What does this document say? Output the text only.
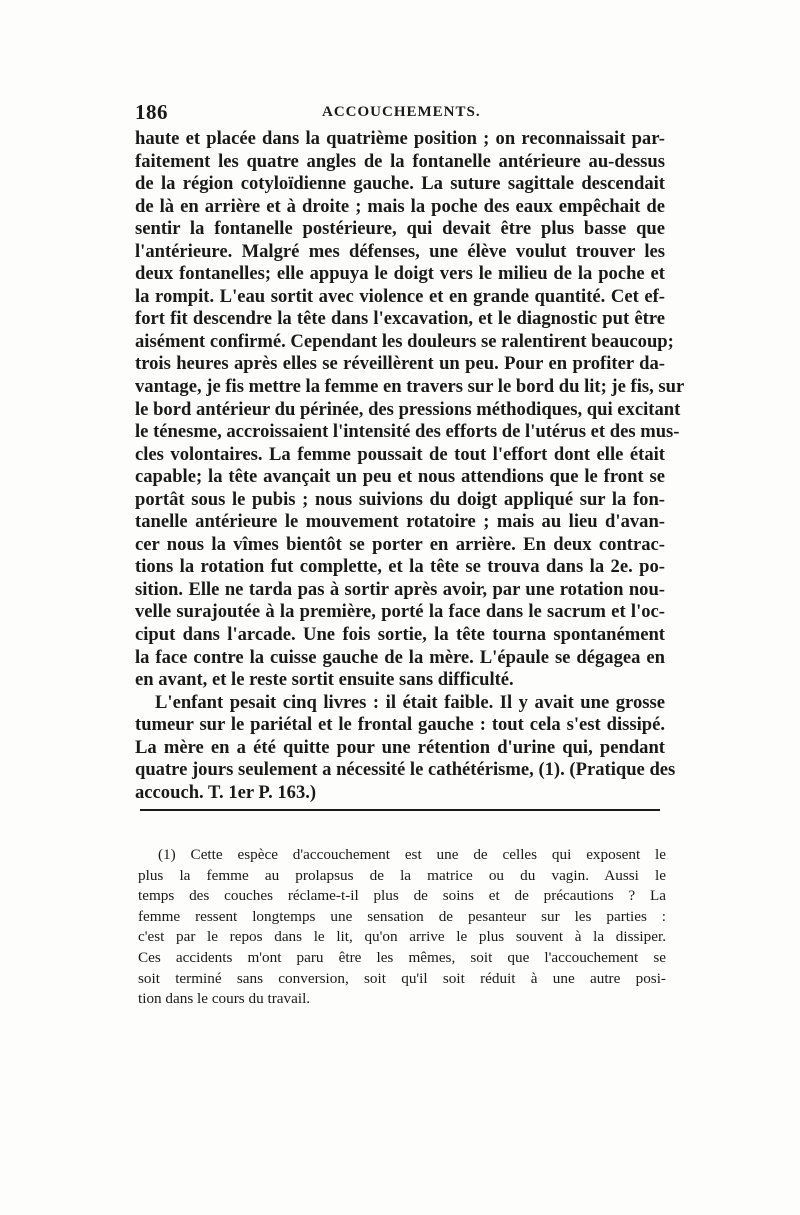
186	ACCOUCHEMENTS.
haute et placée dans la quatrième position ; on reconnaissait par-
faitement les quatre angles de la fontanelle antérieure au-dessus
de la région cotyloïdienne gauche. La suture sagittale descendait
de là en arrière et à droite ; mais la poche des eaux empêchait de
sentir la fontanelle postérieure, qui devait être plus basse que
l'antérieure. Malgré mes défenses, une élève voulut trouver les
deux fontanelles; elle appuya le doigt vers le milieu de la poche et
la rompit. L'eau sortit avec violence et en grande quantité. Cet ef-
fort fit descendre la tête dans l'excavation, et le diagnostic put être
aisément confirmé. Cependant les douleurs se ralentirent beaucoup;
trois heures après elles se réveillèrent un peu. Pour en profiter da-
vantage, je fis mettre la femme en travers sur le bord du lit; je fis, sur
le bord antérieur du périnée, des pressions méthodiques, qui excitant
le ténesme, accroissaient l'intensité des efforts de l'utérus et des mus-
cles volontaires. La femme poussait de tout l'effort dont elle était
capable; la tête avançait un peu et nous attendions que le front se
portât sous le pubis ; nous suivions du doigt appliqué sur la fon-
tanelle antérieure le mouvement rotatoire ; mais au lieu d'avan-
cer nous la vîmes bientôt se porter en arrière. En deux contrac-
tions la rotation fut complette, et la tête se trouva dans la 2e. po-
sition. Elle ne tarda pas à sortir après avoir, par une rotation nou-
velle surajoutée à la première, porté la face dans le sacrum et l'oc-
ciput dans l'arcade. Une fois sortie, la tête tourna spontanément
la face contre la cuisse gauche de la mère. L'épaule se dégagea en
en avant, et le reste sortit ensuite sans difficulté.
L'enfant pesait cinq livres : il était faible. Il y avait une grosse
tumeur sur le pariétal et le frontal gauche : tout cela s'est dissipé.
La mère en a été quitte pour une rétention d'urine qui, pendant
quatre jours seulement a nécessité le cathétérisme, (1). (Pratique des
accouch. T. 1er P. 163.)
(1) Cette espèce d'accouchement est une de celles qui exposent le
plus la femme au prolapsus de la matrice ou du vagin. Aussi le
temps des couches réclame-t-il plus de soins et de précautions ? La
femme ressent longtemps une sensation de pesanteur sur les parties :
c'est par le repos dans le lit, qu'on arrive le plus souvent à la dissiper.
Ces accidents m'ont paru être les mêmes, soit que l'accouchement se
soit terminé sans conversion, soit qu'il soit réduit à une autre posi-
tion dans le cours du travail.
